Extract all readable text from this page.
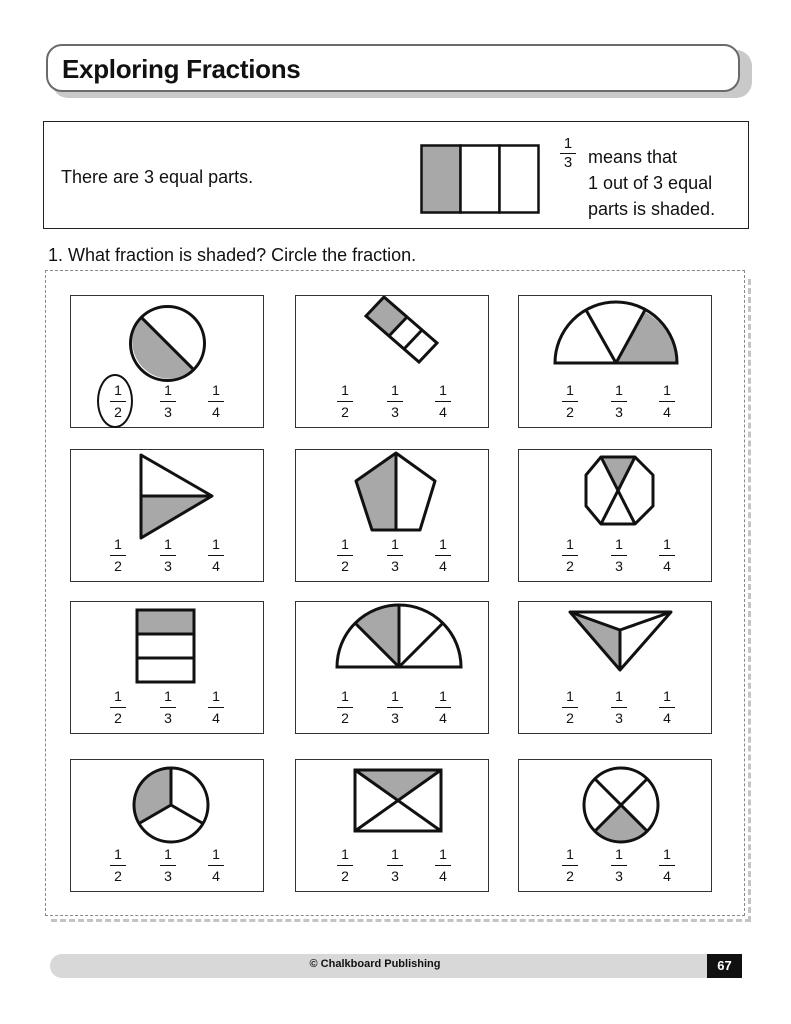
Exploring Fractions
There are 3 equal parts.
1
3 means that
1 out of 3 equal
parts is shaded.
1. What fraction is shaded? Circle the fraction.
1
2
1
3
1
4
1
2
1
3
1
4
1
2
1
3
1
4
1
2
1
3
1
4
1
2
1
3
1
4
1
2
1
3
1
4
1
2
1
3
1
4
1
2
1
3
1
4
1
2
1
3
1
4
1
2
1
3
1
4
1
2
1
3
1
4
1
2
1
3
1
4
© Chalkboard Publishing	67
